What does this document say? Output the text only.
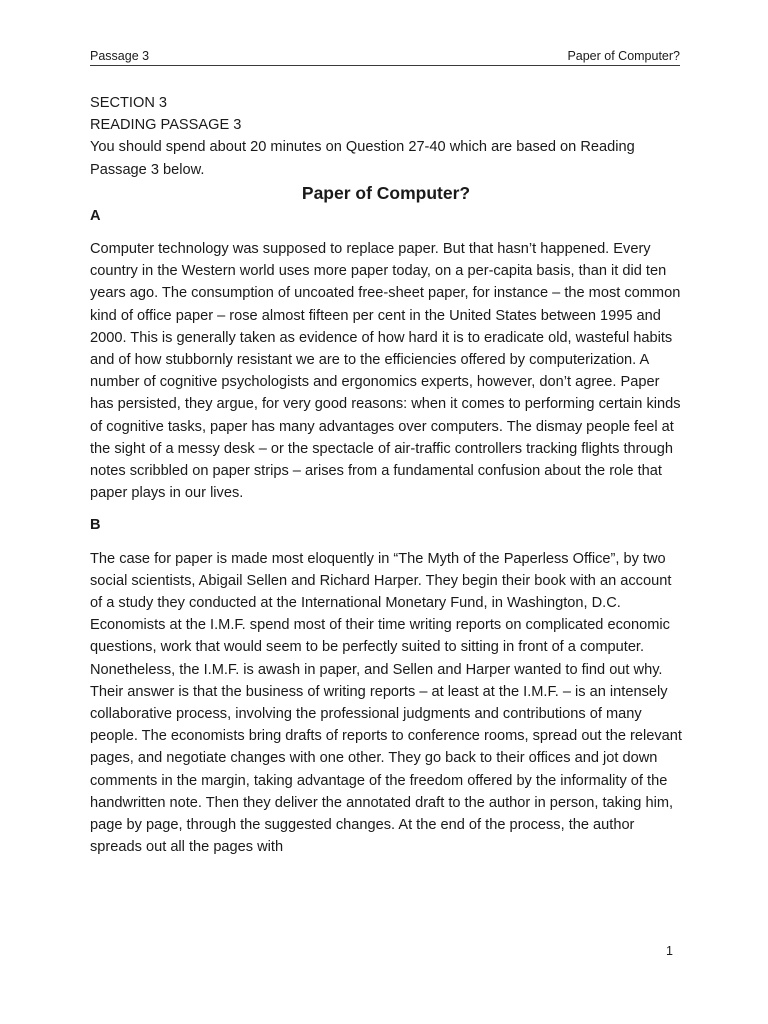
Passage 3	Paper of Computer?

SECTION 3

READING PASSAGE 3

You should spend about 20 minutes on Question 27-40 which are based on Reading Passage 3 below.

Paper of Computer?

A

Computer technology was supposed to replace paper. But that hasn’t happened. Every country in the Western world uses more paper today, on a per-capita basis, than it did ten years ago. The consumption of uncoated free-sheet paper, for instance – the most common kind of office paper – rose almost fifteen per cent in the United States between 1995 and 2000. This is generally taken as evidence of how hard it is to eradicate old, wasteful habits and of how stubbornly resistant we are to the efficiencies offered by computerization. A number of cognitive psychologists and ergonomics experts, however, don’t agree. Paper has persisted, they argue, for very good reasons: when it comes to performing certain kinds of cognitive tasks, paper has many advantages over computers. The dismay people feel at the sight of a messy desk – or the spectacle of air-traffic controllers tracking flights through notes scribbled on paper strips – arises from a fundamental confusion about the role that paper plays in our lives.

B

The case for paper is made most eloquently in “The Myth of the Paperless Office”, by two social scientists, Abigail Sellen and Richard Harper. They begin their book with an account of a study they conducted at the International Monetary Fund, in Washington, D.C. Economists at the I.M.F. spend most of their time writing reports on complicated economic questions, work that would seem to be perfectly suited to sitting in front of a computer. Nonetheless, the I.M.F. is awash in paper, and Sellen and Harper wanted to find out why. Their answer is that the business of writing reports – at least at the I.M.F. – is an intensely collaborative process, involving the professional judgments and contributions of many people. The economists bring drafts of reports to conference rooms, spread out the relevant pages, and negotiate changes with one other. They go back to their offices and jot down comments in the margin, taking advantage of the freedom offered by the informality of the handwritten note. Then they deliver the annotated draft to the author in person, taking him, page by page, through the suggested changes. At the end of the process, the author spreads out all the pages with

1
